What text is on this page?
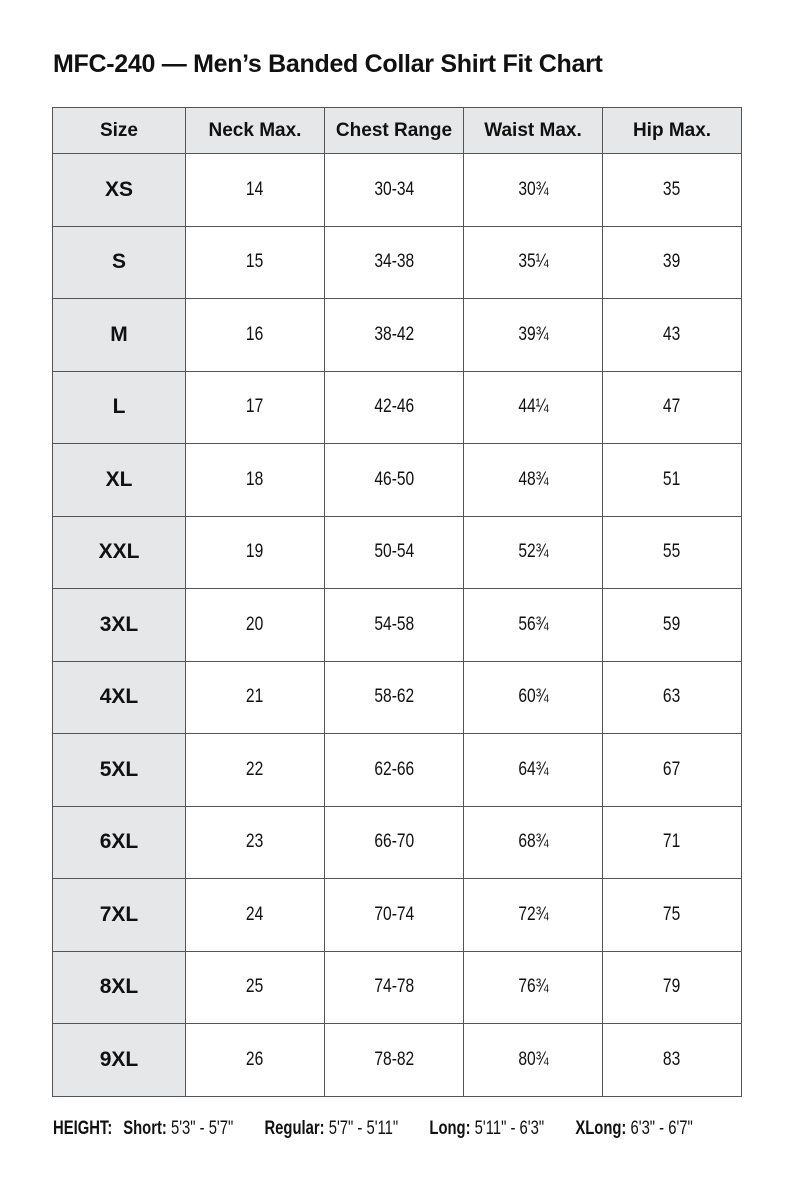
MFC-240 — Men’s Banded Collar Shirt Fit Chart
Size	Neck Max.	Chest Range	Waist Max.	Hip Max.
XS	14	30-34	30¾	35
S	15	34-38	35¼	39
M	16	38-42	39¾	43
L	17	42-46	44¼	47
XL	18	46-50	48¾	51
XXL	19	50-54	52¾	55
3XL	20	54-58	56¾	59
4XL	21	58-62	60¾	63
5XL	22	62-66	64¾	67
6XL	23	66-70	68¾	71
7XL	24	70-74	72¾	75
8XL	25	74-78	76¾	79
9XL	26	78-82	80¾	83
HEIGHT: Short: 5'3" - 5'7" Regular: 5'7" - 5'11" Long: 5'11" - 6'3" XLong: 6'3" - 6'7"
